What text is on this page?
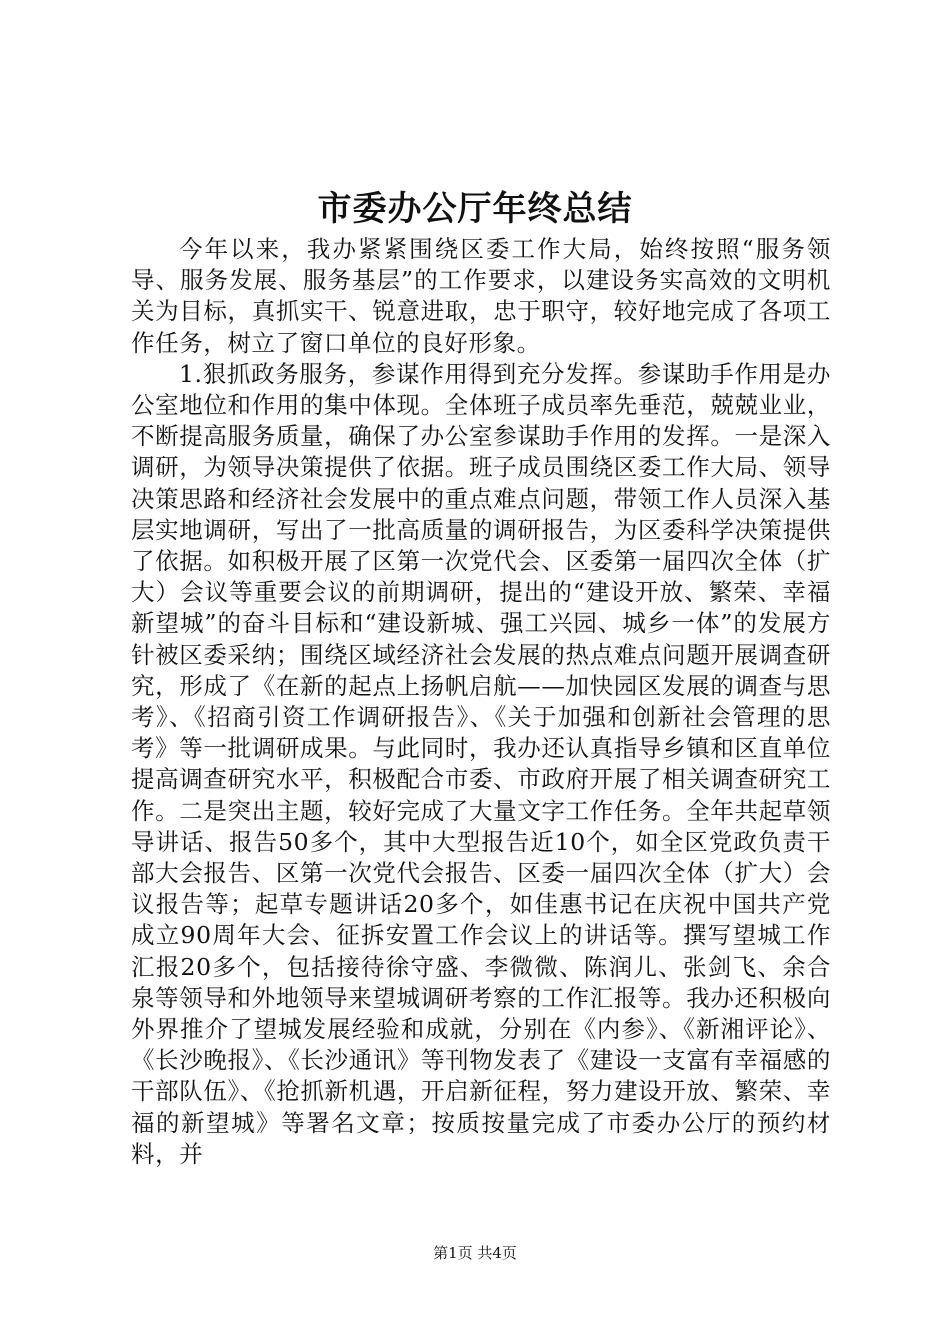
市委办公厅年终总结

今年以来，我办紧紧围绕区委工作大局，始终按照“服务领导、服务发展、服务基层”的工作要求，以建设务实高效的文明机关为目标，真抓实干、锐意进取，忠于职守，较好地完成了各项工作任务，树立了窗口单位的良好形象。

1.狠抓政务服务，参谋作用得到充分发挥。参谋助手作用是办公室地位和作用的集中体现。全体班子成员率先垂范，兢兢业业，不断提高服务质量，确保了办公室参谋助手作用的发挥。一是深入调研，为领导决策提供了依据。班子成员围绕区委工作大局、领导决策思路和经济社会发展中的重点难点问题，带领工作人员深入基层实地调研，写出了一批高质量的调研报告，为区委科学决策提供了依据。如积极开展了区第一次党代会、区委第一届四次全体（扩大）会议等重要会议的前期调研，提出的“建设开放、繁荣、幸福新望城”的奋斗目标和“建设新城、强工兴园、城乡一体”的发展方针被区委采纳；围绕区域经济社会发展的热点难点问题开展调查研究，形成了《在新的起点上扬帆启航——加快园区发展的调查与思考》、《招商引资工作调研报告》、《关于加强和创新社会管理的思考》等一批调研成果。与此同时，我办还认真指导乡镇和区直单位提高调查研究水平，积极配合市委、市政府开展了相关调查研究工作。二是突出主题，较好完成了大量文字工作任务。全年共起草领导讲话、报告50多个，其中大型报告近10个，如全区党政负责干部大会报告、区第一次党代会报告、区委一届四次全体（扩大）会议报告等；起草专题讲话20多个，如佳惠书记在庆祝中国共产党成立90周年大会、征拆安置工作会议上的讲话等。撰写望城工作汇报20多个，包括接待徐守盛、李微微、陈润儿、张剑飞、余合泉等领导和外地领导来望城调研考察的工作汇报等。我办还积极向外界推介了望城发展经验和成就，分别在《内参》、《新湘评论》、《长沙晚报》、《长沙通讯》等刊物发表了《建设一支富有幸福感的干部队伍》、《抢抓新机遇，开启新征程，努力建设开放、繁荣、幸福的新望城》等署名文章；按质按量完成了市委办公厅的预约材料，并

第1页 共4页
